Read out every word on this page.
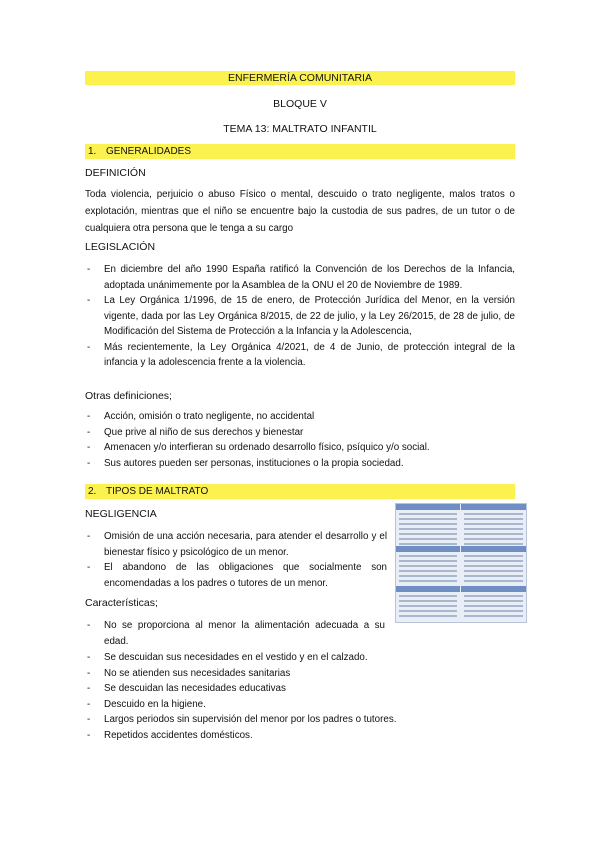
ENFERMERÍA COMUNITARIA
BLOQUE V
TEMA 13: MALTRATO INFANTIL
1. GENERALIDADES
DEFINICIÓN
Toda violencia, perjuicio o abuso Físico o mental, descuido o trato negligente, malos tratos o explotación, mientras que el niño se encuentre bajo la custodia de sus padres, de un tutor o de cualquiera otra persona que le tenga a su cargo
LEGISLACIÓN
- En diciembre del año 1990 España ratificó la Convención de los Derechos de la Infancia, adoptada unánimemente por la Asamblea de la ONU el 20 de Noviembre de 1989.
- La Ley Orgánica 1/1996, de 15 de enero, de Protección Jurídica del Menor, en la versión vigente, dada por las Ley Orgánica 8/2015, de 22 de julio, y la Ley 26/2015, de 28 de julio, de Modificación del Sistema de Protección a la Infancia y la Adolescencia,
- Más recientemente, la Ley Orgánica 4/2021, de 4 de Junio, de protección integral de la infancia y la adolescencia frente a la violencia.
Otras definiciones;
- Acción, omisión o trato negligente, no accidental
- Que prive al niño de sus derechos y bienestar
- Amenacen y/o interfieran su ordenado desarrollo físico, psíquico y/o social.
- Sus autores pueden ser personas, instituciones o la propia sociedad.
2. TIPOS DE MALTRATO
NEGLIGENCIA
- Omisión de una acción necesaria, para atender el desarrollo y el bienestar físico y psicológico de un menor.
- El abandono de las obligaciones que socialmente son encomendadas a los padres o tutores de un menor.
Características;
- No se proporciona al menor la alimentación adecuada a su edad.
- Se descuidan sus necesidades en el vestido y en el calzado.
- No se atienden sus necesidades sanitarias
- Se descuidan las necesidades educativas
- Descuido en la higiene.
- Largos periodos sin supervisión del menor por los padres o tutores.
- Repetidos accidentes domésticos.
